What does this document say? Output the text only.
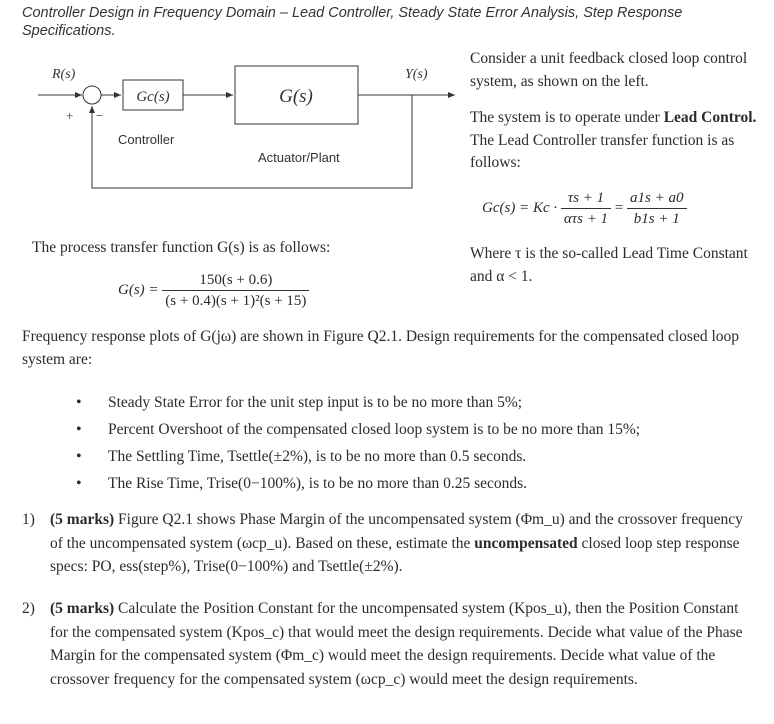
Controller Design in Frequency Domain – Lead Controller, Steady State Error Analysis, Step Response Specifications.
R(s)	Y(s)
+ −
Gc(s)	G(s)
Controller
Actuator/Plant
Consider a unit feedback closed loop control system, as shown on the left.
The system is to operate under Lead Control. The Lead Controller transfer function is as follows:
$Gc(s) = Kc \cdot \frac{\tau s + 1}{\text{ατs + 1}} = \frac{a1s + a0}{b1s + 1}$
Where τ is the so-called Lead Time Constant and α < 1.
The process transfer function G(s) is as follows:
$G(s) = \frac{150(s + 0.6)}{\text{(s + 0.4)(s + 1)²(s + 15)}}$
Frequency response plots of G(jω) are shown in Figure Q2.1. Design requirements for the compensated closed loop system are:
• Steady State Error for the unit step input is to be no more than 5%;
• Percent Overshoot of the compensated closed loop system is to be no more than 15%;
• The Settling Time, Tsettle(±2%), is to be no more than 0.5 seconds.
• The Rise Time, Trise(0−100%), is to be no more than 0.25 seconds.
1) (5 marks) Figure Q2.1 shows Phase Margin of the uncompensated system (Φm_u) and the crossover frequency of the uncompensated system (ωcp_u). Based on these, estimate the uncompensated closed loop step response specs: PO, ess(step%), Trise(0−100%) and Tsettle(±2%).
2) (5 marks) Calculate the Position Constant for the uncompensated system (Kpos_u), then the Position Constant for the compensated system (Kpos_c) that would meet the design requirements. Decide what value of the Phase Margin for the compensated system (Φm_c) would meet the design requirements. Decide what value of the crossover frequency for the compensated system (ωcp_c) would meet the design requirements.
